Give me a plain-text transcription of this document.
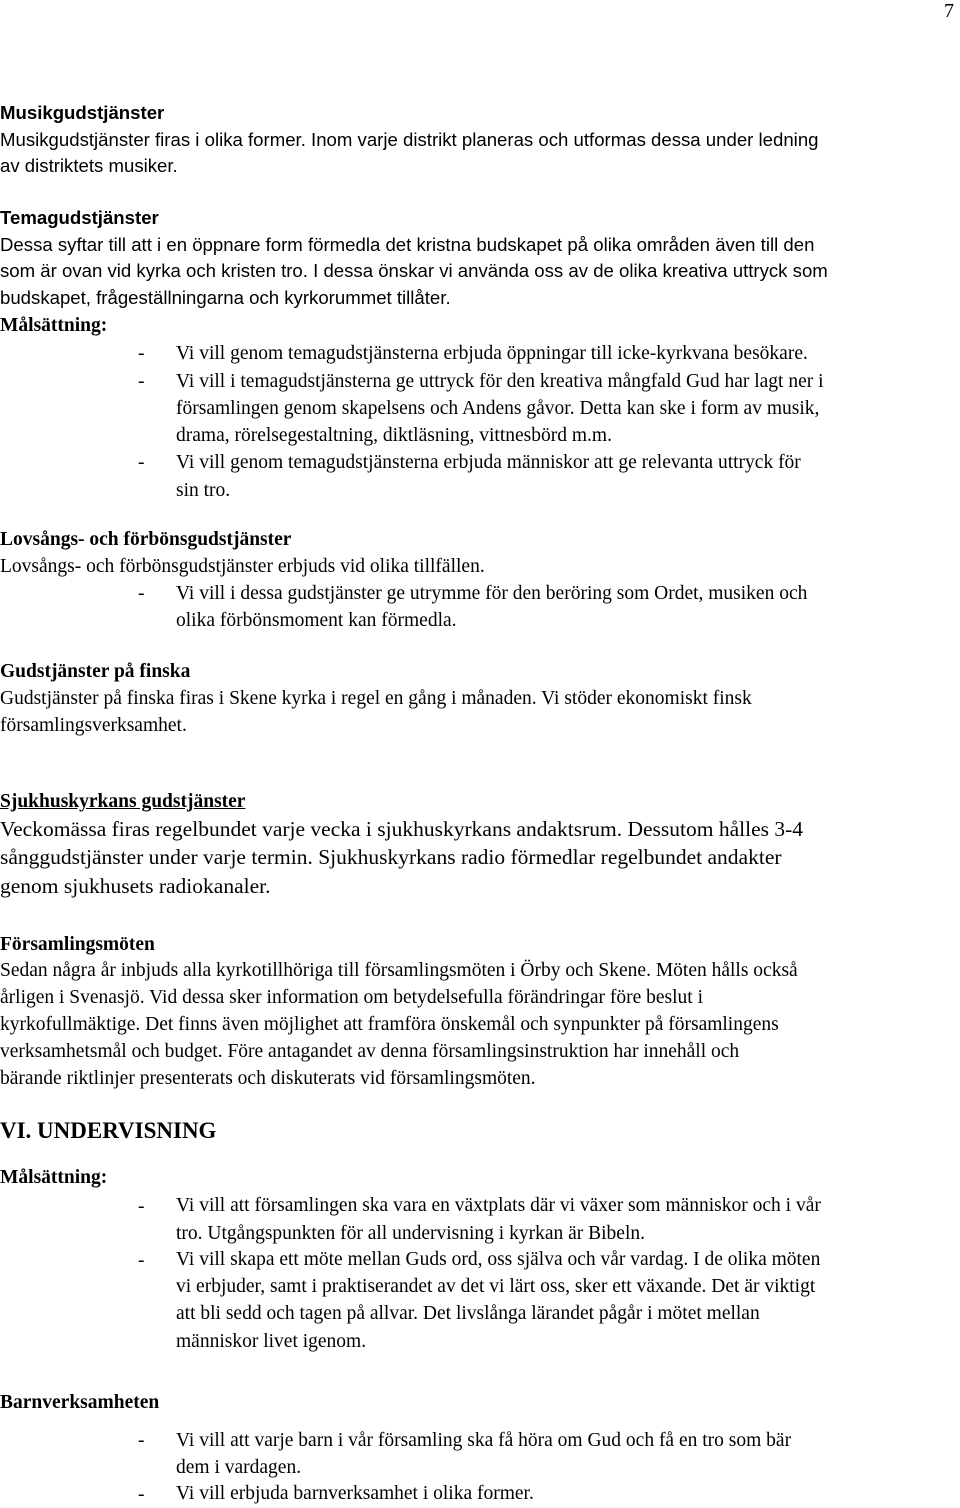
7
Musikgudstjänster
Musikgudstjänster firas i olika former. Inom varje distrikt planeras och utformas dessa under ledning
av distriktets musiker.
Temagudstjänster
Dessa syftar till att i en öppnare form förmedla det kristna budskapet på olika områden även till den
som är ovan vid kyrka och kristen tro. I dessa önskar vi använda oss av de olika kreativa uttryck som
budskapet, frågeställningarna och kyrkorummet tillåter.
Målsättning:
- Vi vill genom temagudstjänsterna erbjuda öppningar till icke-kyrkvana besökare.
- Vi vill i temagudstjänsterna ge uttryck för den kreativa mångfald Gud har lagt ner i
församlingen genom skapelsens och Andens gåvor. Detta kan ske i form av musik,
drama, rörelsegestaltning, diktläsning, vittnesbörd m.m.
- Vi vill genom temagudstjänsterna erbjuda människor att ge relevanta uttryck för
sin tro.
Lovsångs- och förbönsgudstjänster
Lovsångs- och förbönsgudstjänster erbjuds vid olika tillfällen.
- Vi vill i dessa gudstjänster ge utrymme för den beröring som Ordet, musiken och
olika förbönsmoment kan förmedla.
Gudstjänster på finska
Gudstjänster på finska firas i Skene kyrka i regel en gång i månaden. Vi stöder ekonomiskt finsk
församlingsverksamhet.
Sjukhuskyrkans gudstjänster
Veckomässa firas regelbundet varje vecka i sjukhuskyrkans andaktsrum. Dessutom hålles 3-4
sånggudstjänster under varje termin. Sjukhuskyrkans radio förmedlar regelbundet andakter
genom sjukhusets radiokanaler.
Församlingsmöten
Sedan några år inbjuds alla kyrkotillhöriga till församlingsmöten i Örby och Skene. Möten hålls också
årligen i Svenasjö. Vid dessa sker information om betydelsefulla förändringar före beslut i
kyrkofullmäktige. Det finns även möjlighet att framföra önskemål och synpunkter på församlingens
verksamhetsmål och budget. Före antagandet av denna församlingsinstruktion har innehåll och
bärande riktlinjer presenterats och diskuterats vid församlingsmöten.
VI. UNDERVISNING
Målsättning:
- Vi vill att församlingen ska vara en växtplats där vi växer som människor och i vår
tro. Utgångspunkten för all undervisning i kyrkan är Bibeln.
- Vi vill skapa ett möte mellan Guds ord, oss själva och vår vardag. I de olika möten
vi erbjuder, samt i praktiserandet av det vi lärt oss, sker ett växande. Det är viktigt
att bli sedd och tagen på allvar. Det livslånga lärandet pågår i mötet mellan
människor livet igenom.
Barnverksamheten
- Vi vill att varje barn i vår församling ska få höra om Gud och få en tro som bär
dem i vardagen.
- Vi vill erbjuda barnverksamhet i olika former.
